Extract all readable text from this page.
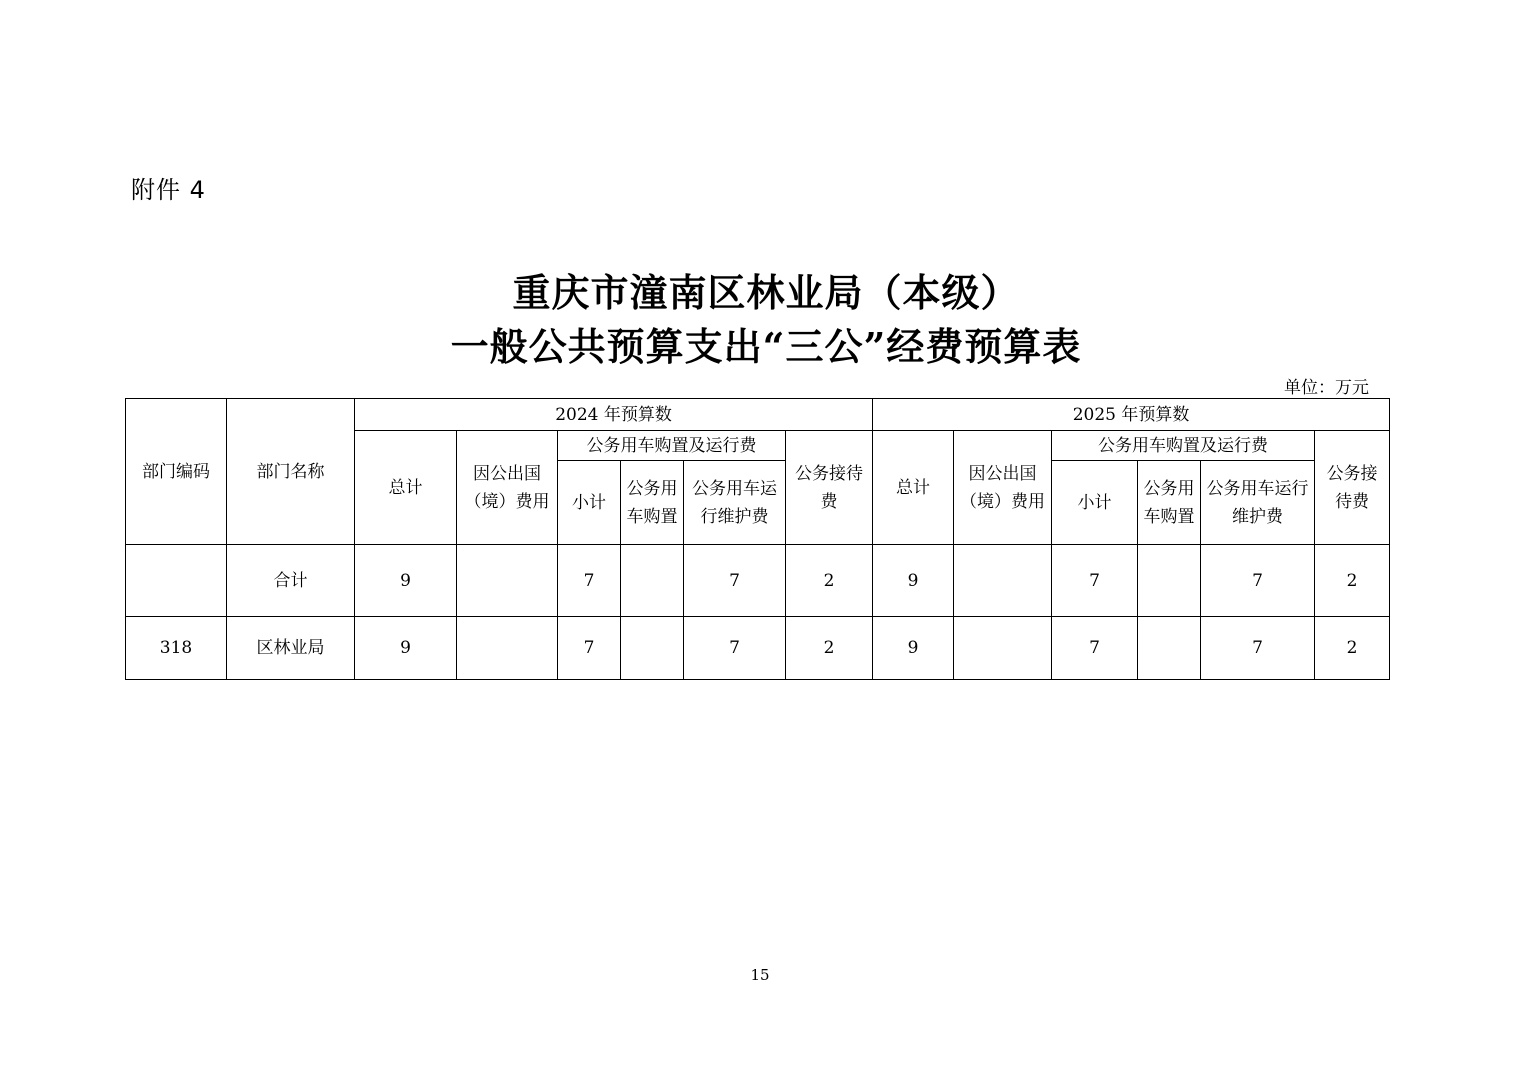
附件 4
重庆市潼南区林业局（本级）
一般公共预算支出“三公”经费预算表
单位：万元
部门编码	部门名称	2024 年预算数						2025 年预算数					
		总计	因公出国（境）费用	公务用车购置及运行费			公务接待费	总计	因公出国（境）费用	公务用车购置及运行费			公务接待费
				小计	公务用车购置	公务用车运行维护费				小计	公务用车购置	公务用车运行维护费	
	合计	9		7		7	2	9		7		7	2
318	区林业局	9		7		7	2	9		7		7	2
15
